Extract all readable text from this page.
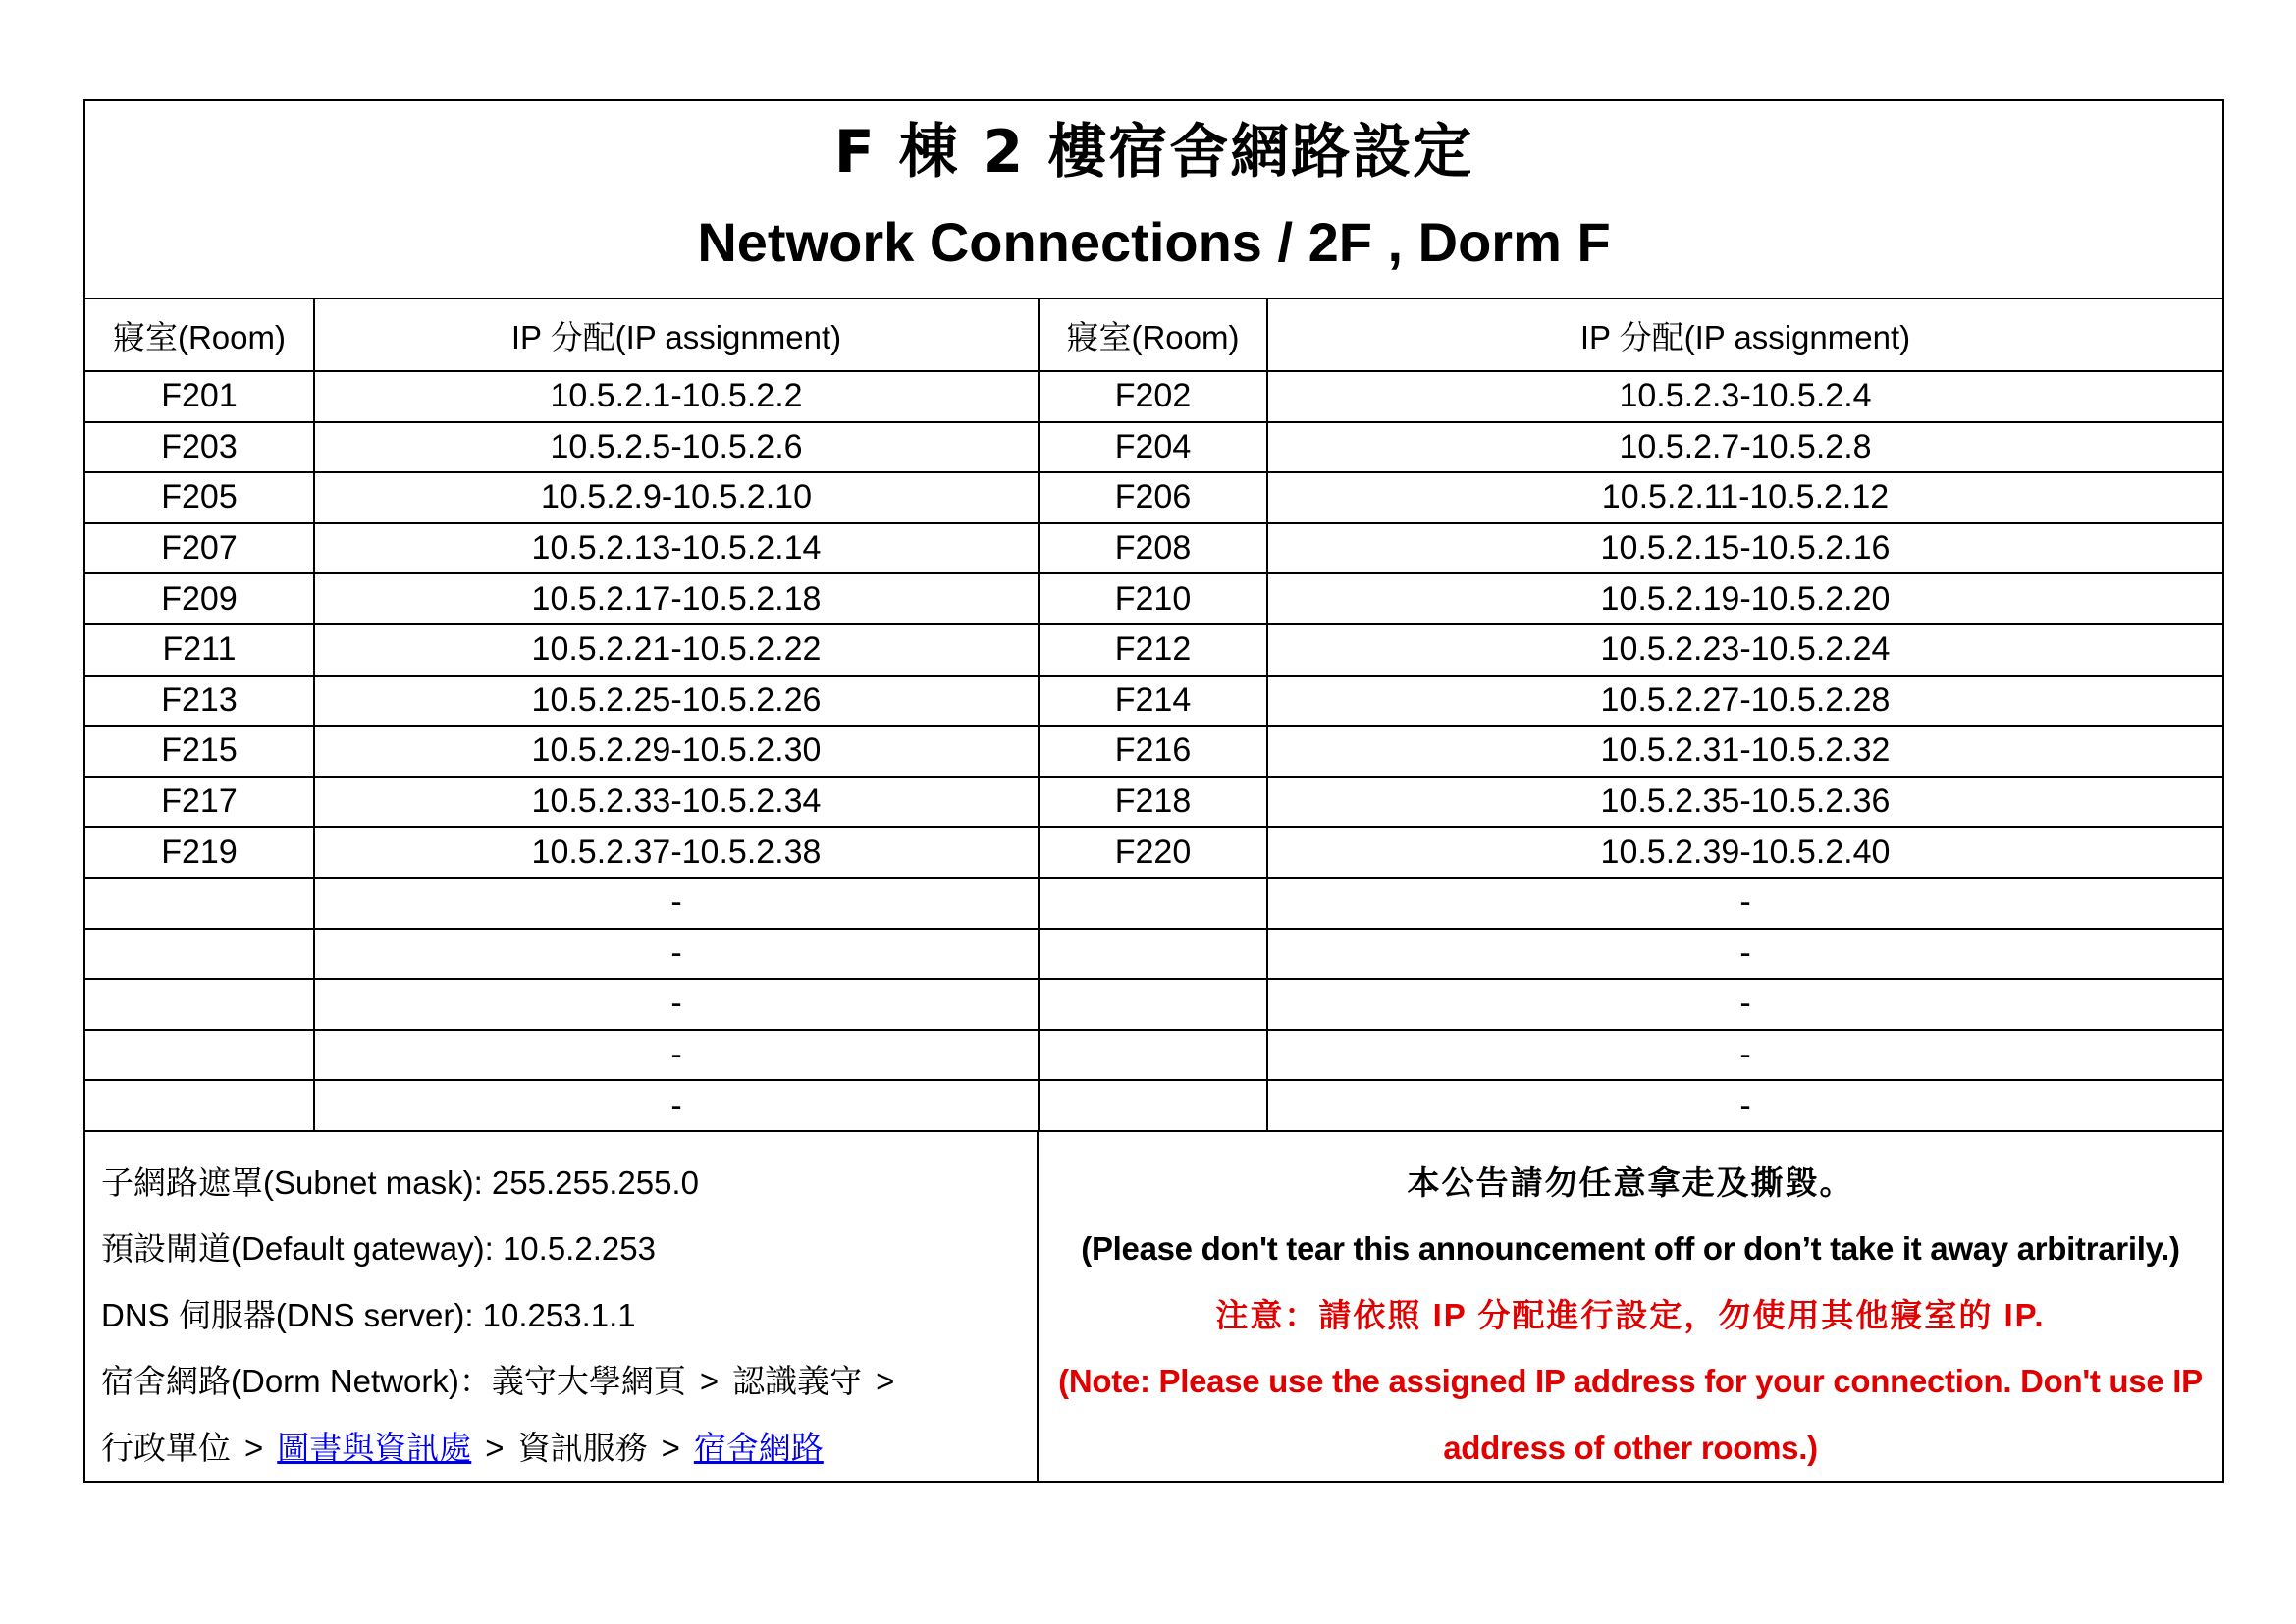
F 棟 2 樓宿舍網路設定
Network Connections / 2F , Dorm F
寢室(Room)	IP 分配(IP assignment)	寢室(Room)	IP 分配(IP assignment)
F201	10.5.2.1-10.5.2.2	F202	10.5.2.3-10.5.2.4
F203	10.5.2.5-10.5.2.6	F204	10.5.2.7-10.5.2.8
F205	10.5.2.9-10.5.2.10	F206	10.5.2.11-10.5.2.12
F207	10.5.2.13-10.5.2.14	F208	10.5.2.15-10.5.2.16
F209	10.5.2.17-10.5.2.18	F210	10.5.2.19-10.5.2.20
F211	10.5.2.21-10.5.2.22	F212	10.5.2.23-10.5.2.24
F213	10.5.2.25-10.5.2.26	F214	10.5.2.27-10.5.2.28
F215	10.5.2.29-10.5.2.30	F216	10.5.2.31-10.5.2.32
F217	10.5.2.33-10.5.2.34	F218	10.5.2.35-10.5.2.36
F219	10.5.2.37-10.5.2.38	F220	10.5.2.39-10.5.2.40
	-		-
	-		-
	-		-
	-		-
	-		-
子網路遮罩(Subnet mask): 255.255.255.0
預設閘道(Default gateway): 10.5.2.253
DNS 伺服器(DNS server): 10.253.1.1
宿舍網路(Dorm Network)：義守大學網頁 > 認識義守 >
行政單位 > 圖書與資訊處 > 資訊服務 > 宿舍網路
本公告請勿任意拿走及撕毀。
(Please don't tear this announcement off or don’t take it away arbitrarily.)
注意：請依照 IP 分配進行設定，勿使用其他寢室的 IP.
(Note: Please use the assigned IP address for your connection. Don't use IP
address of other rooms.)
